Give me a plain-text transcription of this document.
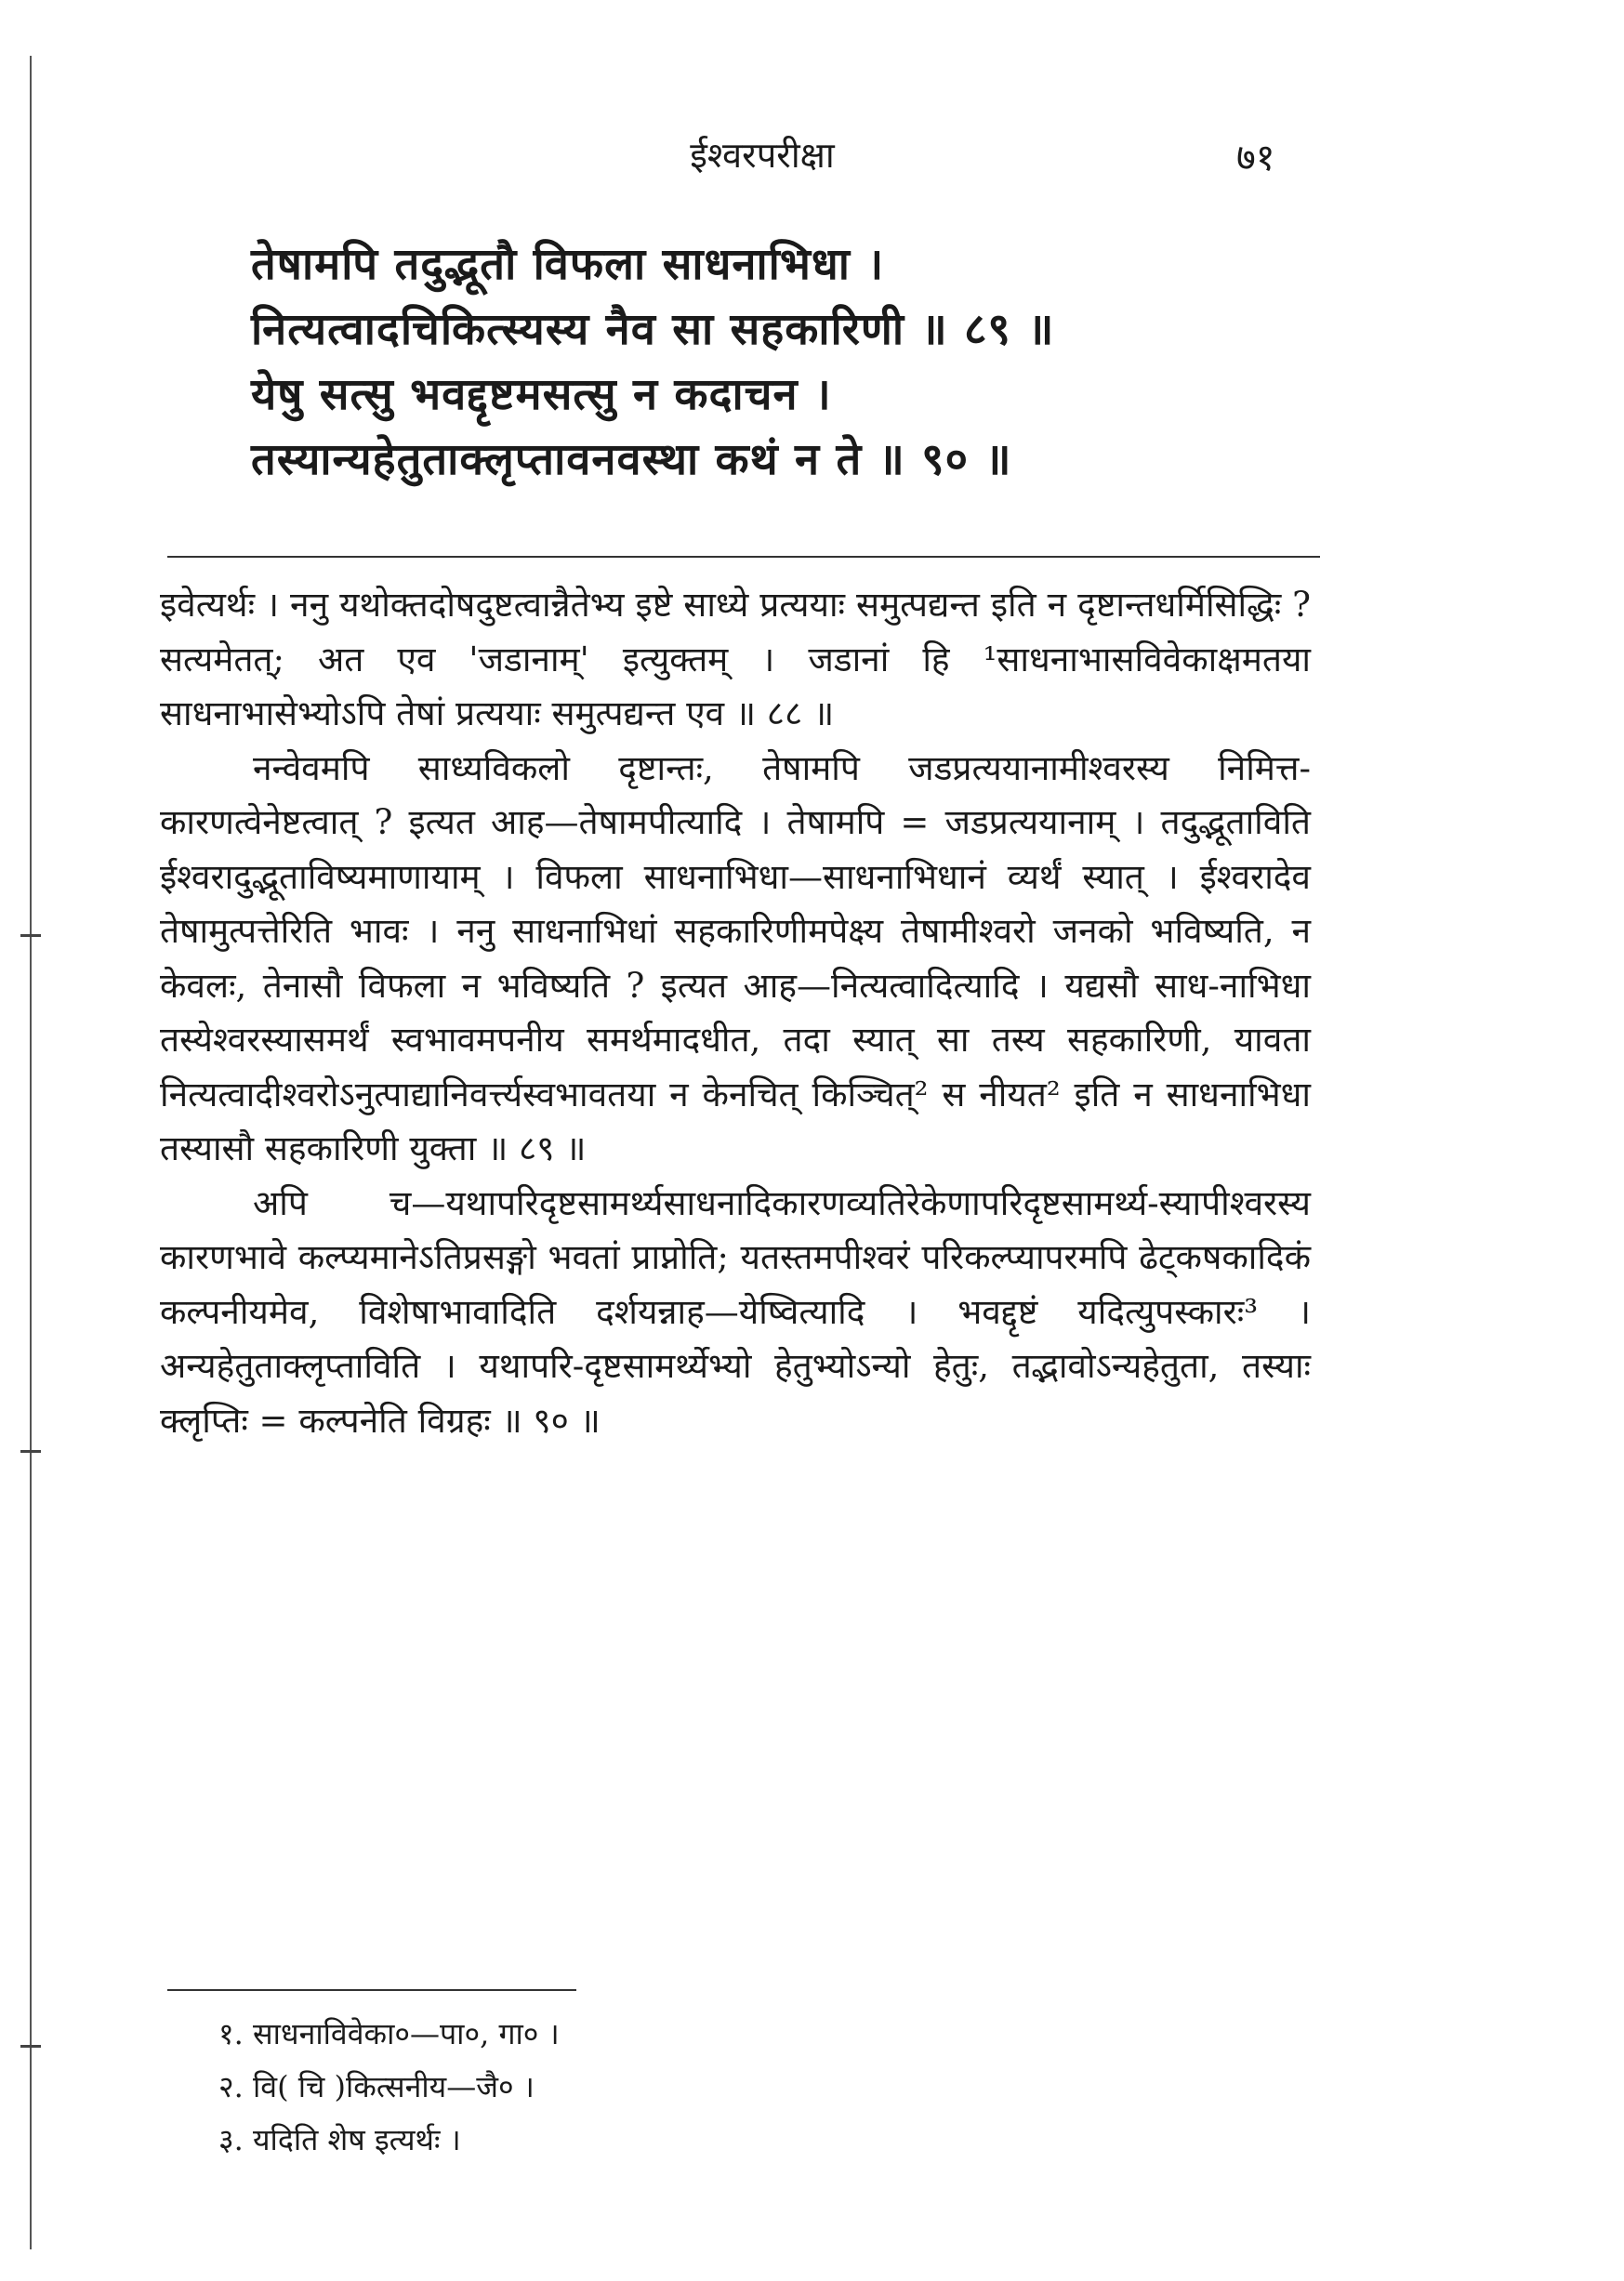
ईश्वरपरीक्षा	७१
तेषामपि तदुद्भूतौ विफला साधनाभिधा ।
नित्यत्वादचिकित्स्यस्य नैव सा सहकारिणी ॥ ८९ ॥
येषु सत्सु भवद्दृष्टमसत्सु न कदाचन ।
तस्यान्यहेतुताक्लृप्तावनवस्था कथं न ते ॥ ९० ॥

इवेत्यर्थः । ननु यथोक्तदोषदुष्टत्वान्नैतेभ्य इष्टे साध्ये प्रत्ययाः समुत्पद्यन्त इति न दृष्टान्तधर्मिसिद्धिः ? सत्यमेतत्; अत एव 'जडानाम्' इत्युक्तम् । जडानां हि ¹साधनाभासविवेकाक्षमतया साधनाभासेभ्योऽपि तेषां प्रत्ययाः समुत्पद्यन्त एव ॥ ८८ ॥

नन्वेवमपि साध्यविकलो दृष्टान्तः, तेषामपि जडप्रत्ययानामीश्वरस्य निमित्त-कारणत्वेनेष्टत्वात् ? इत्यत आह—तेषामपीत्यादि । तेषामपि = जडप्रत्ययानाम् । तदुद्भूताविति ईश्वरादुद्भूताविष्यमाणायाम् । विफला साधनाभिधा—साधनाभिधानं व्यर्थं स्यात् । ईश्वरादेव तेषामुत्पत्तेरिति भावः । ननु साधनाभिधां सहकारिणीमपेक्ष्य तेषामीश्वरो जनको भविष्यति, न केवलः, तेनासौ विफला न भविष्यति ? इत्यत आह—नित्यत्वादित्यादि । यद्यसौ साध-नाभिधा तस्येश्वरस्यासमर्थं स्वभावमपनीय समर्थमादधीत, तदा स्यात् सा तस्य सहकारिणी, यावता नित्यत्वादीश्वरोऽनुत्पाद्यानिवर्त्त्यस्वभावतया न केनचित् किञ्चित्² स नीयत² इति न साधनाभिधा तस्यासौ सहकारिणी युक्ता ॥ ८९ ॥

अपि च—यथापरिदृष्टसामर्थ्यसाधनादिकारणव्यतिरेकेणापरिदृष्टसामर्थ्य-स्यापीश्वरस्य कारणभावे कल्प्यमानेऽतिप्रसङ्गो भवतां प्राप्नोति; यतस्तमपीश्वरं परिकल्प्यापरमपि ढेट्कषकादिकं कल्पनीयमेव, विशेषाभावादिति दर्शयन्नाह—येष्वित्यादि । भवद्दृष्टं यदित्युपस्कारः³ । अन्यहेतुताक्लृप्ताविति । यथापरि-दृष्टसामर्थ्येभ्यो हेतुभ्योऽन्यो हेतुः, तद्भावोऽन्यहेतुता, तस्याः क्लृप्तिः = कल्पनेति विग्रहः ॥ ९० ॥

१. साधनाविवेका०—पा०, गा० ।
२. वि( चि )कित्सनीय—जै० ।
३. यदिति शेष इत्यर्थः ।
